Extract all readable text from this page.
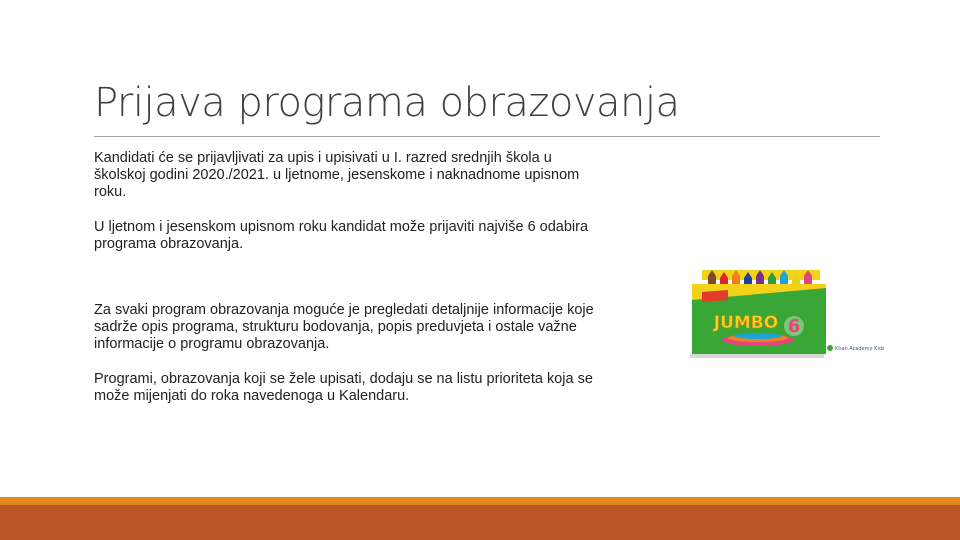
Prijava programa obrazovanja

Kandidati će se prijavljivati za upis i upisivati u I. razred srednjih škola u školskoj godini 2020./2021. u ljetnome, jesenskome i naknadnome upisnom roku.

U ljetnom i jesenskom upisnom roku kandidat može prijaviti najviše 6 odabira programa obrazovanja.

Za svaki program obrazovanja moguće je pregledati detaljnije informacije koje sadrže opis programa, strukturu bodovanja, popis preduvjeta i ostale važne informacije o programu obrazovanja.

Programi, obrazovanja koji se žele upisati, dodaju se na listu prioriteta koja se može mijenjati do roka navedenoga u Kalendaru.

JUMBO 6
Khan Academy Kids
